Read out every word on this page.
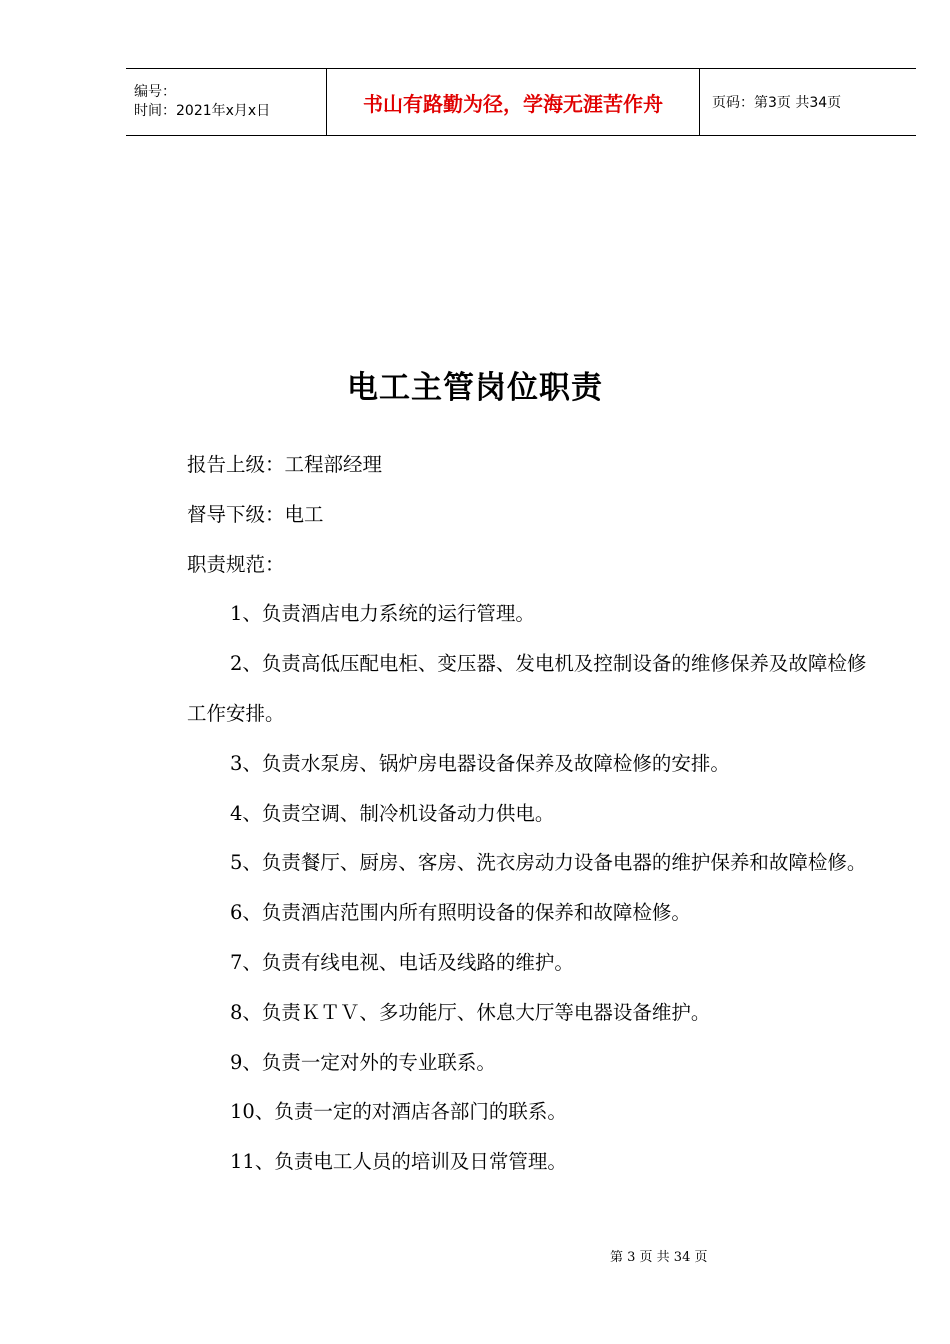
编号：
时间：2021年x月x日	书山有路勤为径，学海无涯苦作舟	页码：第3页 共34页
电工主管岗位职责

报告上级：工程部经理

督导下级：电工

职责规范：

1、负责酒店电力系统的运行管理。

2、负责高低压配电柜、变压器、发电机及控制设备的维修保养及故障检修工作安排。

3、负责水泵房、锅炉房电器设备保养及故障检修的安排。

4、负责空调、制冷机设备动力供电。

5、负责餐厅、厨房、客房、洗衣房动力设备电器的维护保养和故障检修。

6、负责酒店范围内所有照明设备的保养和故障检修。

7、负责有线电视、电话及线路的维护。

8、负责ＫＴＶ、多功能厅、休息大厅等电器设备维护。

9、负责一定对外的专业联系。

10、负责一定的对酒店各部门的联系。

11、负责电工人员的培训及日常管理。

第 3 页 共 34 页
